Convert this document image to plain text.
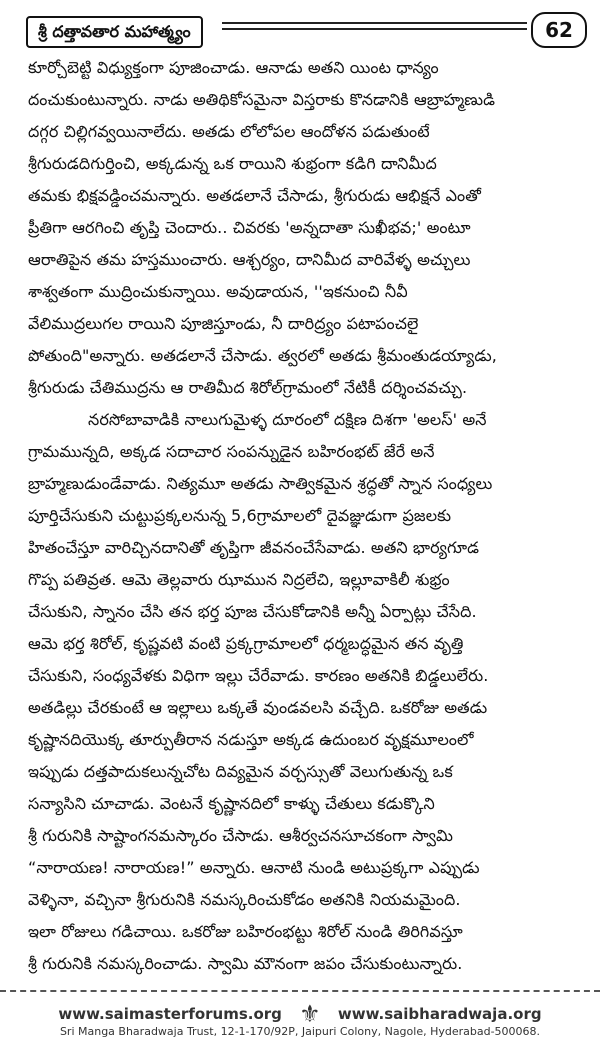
శ్రీ దత్తావతార మహాత్మ్యం	62
కూర్చోబెట్టి విధ్యుక్తంగా పూజించాడు. ఆనాడు అతని యింట ధాన్యం
దంచుకుంటున్నారు. నాడు అతిథికోసమైనా విస్తరాకు కొనడానికి ఆబ్రాహ్మణుడి
దగ్గర చిల్లిగవ్వయినాలేదు. అతడు లోలోపల ఆందోళన పడుతుంటే
శ్రీగురుడదిగుర్తించి, అక్కడున్న ఒక రాయిని శుభ్రంగా కడిగి దానిమీద
తమకు భిక్షవడ్డించమన్నారు. అతడలానే చేసాడు, శ్రీగురుడు ఆభిక్షనే ఎంతో
ప్రీతిగా ఆరగించి తృప్తి చెందారు.. చివరకు 'అన్నదాతా సుఖీభవ;' అంటూ
ఆరాతిపైన తమ హస్తముంచారు. ఆశ్చర్యం, దానిమీద వారివేళ్ళ అచ్చులు
శాశ్వతంగా ముద్రించుకున్నాయి. అవుడాయన, ''ఇకనుంచి నీవీ
వేలిముద్రలుగల రాయిని పూజిస్తూండు, నీ దారిద్ర్యం పటాపంచలై
పోతుంది"అన్నారు. అతడలానే చేసాడు. త్వరలో అతడు శ్రీమంతుడయ్యాడు,
శ్రీగురుడు చేతిముద్రను ఆ రాతిమీద శిరోల్‌గ్రామంలో నేటికీ దర్శించవచ్చు.
నరసోబావాడికి నాలుగుమైళ్ళ దూరంలో దక్షిణ దిశగా 'అలస్' అనే
గ్రామమున్నది, అక్కడ సదాచార సంపన్నుడైన బహిరంభట్ జేరే అనే
బ్రాహ్మణుడుండేవాడు. నిత్యమూ అతడు సాత్వికమైన శ్రద్ధతో స్నాన సంధ్యలు
పూర్తిచేసుకుని చుట్టుప్రక్కలనున్న 5,6గ్రామాలలో దైవజ్ఞుడుగా ప్రజలకు
హితంచేస్తూ వారిచ్చినదానితో తృప్తిగా జీవనంచేసేవాడు. అతని భార్యగూడ
గొప్ప పతివ్రత. ఆమె తెల్లవారు ఝామున నిద్రలేచి, ఇల్లూవాకిలీ శుభ్రం
చేసుకుని, స్నానం చేసి తన భర్త పూజ చేసుకోడానికి అన్నీ ఏర్పాట్లు చేసేది.
ఆమె భర్త శిరోల్, కృష్ణవటి వంటి ప్రక్కగ్రామాలలో ధర్మబద్ధమైన తన వృత్తి
చేసుకుని, సంధ్యవేళకు విధిగా ఇల్లు చేరేవాడు. కారణం అతనికి బిడ్డలులేరు.
అతడిల్లు చేరకుంటే ఆ ఇల్లాలు ఒక్కతే వుండవలసి వచ్చేది. ఒకరోజు అతడు
కృష్ణానదియొక్క తూర్పుతీరాన నడుస్తూ అక్కడ ఉదుంబర వృక్షమూలంలో
ఇప్పుడు దత్తపాదుకలున్నచోట దివ్యమైన వర్చస్సుతో వెలుగుతున్న ఒక
సన్యాసిని చూచాడు. వెంటనే కృష్ణానదిలో కాళ్ళు చేతులు కడుక్కొని
శ్రీ గురునికి సాష్టాంగనమస్కారం చేసాడు. ఆశీర్వచనసూచకంగా స్వామి
“నారాయణ! నారాయణ!” అన్నారు. ఆనాటి నుండి అటుప్రక్కగా ఎప్పుడు
వెళ్ళినా, వచ్చినా శ్రీగురునికి నమస్కరించుకోడం అతనికి నియమమైంది.
ఇలా రోజులు గడిచాయి. ఒకరోజు బహిరంభట్టు శిరోల్ నుండి తిరిగివస్తూ
శ్రీ గురునికి నమస్కరించాడు. స్వామి మౌనంగా జపం చేసుకుంటున్నారు.
www.saimasterforums.org ⚜ www.saibharadwaja.org
Sri Manga Bharadwaja Trust, 12-1-170/92P, Jaipuri Colony, Nagole, Hyderabad-500068.
